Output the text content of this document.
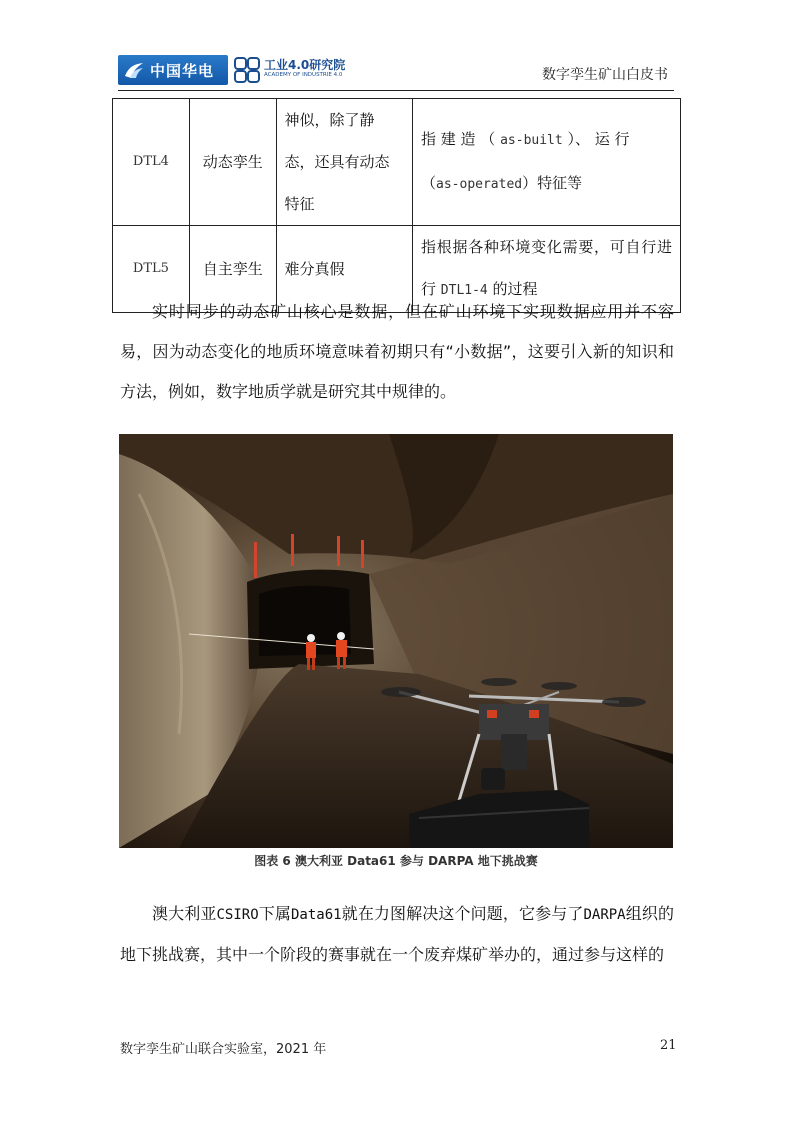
中国华电	工业4.0研究院
ACADEMY OF INDUSTRIE 4.0	数字孪生矿山白皮书
DTL4	动态孪生	神似，除了静态，还具有动态特征	指 建 造 （ as-built ）、 运 行
（as-operated）特征等
DTL5	自主孪生	难分真假	指根据各种环境变化需要，可自行进行 DTL1-4 的过程

实时同步的动态矿山核心是数据，但在矿山环境下实现数据应用并不容易，因为动态变化的地质环境意味着初期只有“小数据”，这要引入新的知识和方法，例如，数字地质学就是研究其中规律的。

图表 6 澳大利亚 Data61 参与 DARPA 地下挑战赛

澳大利亚CSIRO下属Data61就在力图解决这个问题，它参与了DARPA组织的地下挑战赛，其中一个阶段的赛事就在一个废弃煤矿举办的，通过参与这样的

数字孪生矿山联合实验室，2021 年	21
